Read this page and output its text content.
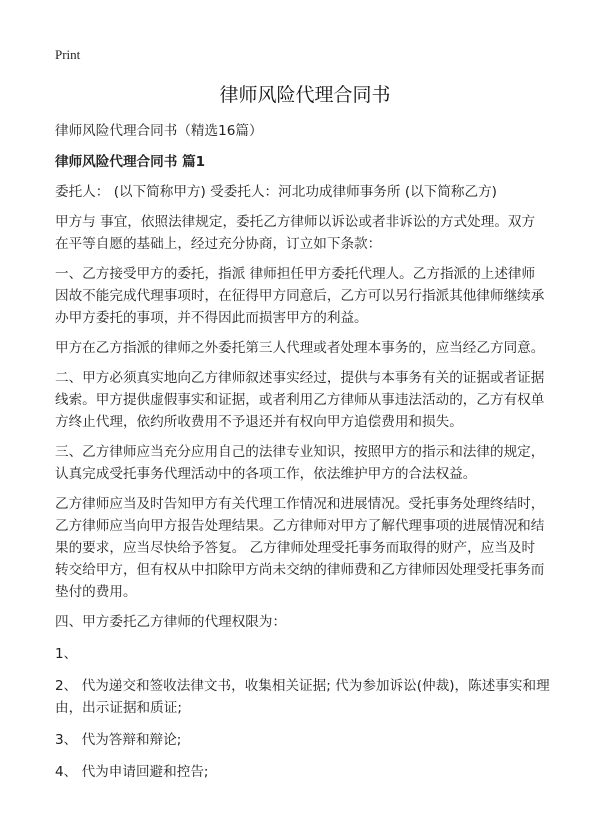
Print
律师风险代理合同书
律师风险代理合同书（精选16篇）
律师风险代理合同书 篇1
委托人： (以下简称甲方) 受委托人：河北功成律师事务所 (以下简称乙方)
甲方与 事宜，依照法律规定，委托乙方律师以诉讼或者非诉讼的方式处理。双方
在平等自愿的基础上，经过充分协商，订立如下条款：
一、乙方接受甲方的委托，指派 律师担任甲方委托代理人。乙方指派的上述律师
因故不能完成代理事项时，在征得甲方同意后，乙方可以另行指派其他律师继续承
办甲方委托的事项，并不得因此而损害甲方的利益。
甲方在乙方指派的律师之外委托第三人代理或者处理本事务的，应当经乙方同意。
二、甲方必须真实地向乙方律师叙述事实经过，提供与本事务有关的证据或者证据
线索。甲方提供虚假事实和证据，或者利用乙方律师从事违法活动的，乙方有权单
方终止代理，依约所收费用不予退还并有权向甲方追偿费用和损失。
三、乙方律师应当充分应用自己的法律专业知识，按照甲方的指示和法律的规定，
认真完成受托事务代理活动中的各项工作，依法维护甲方的合法权益。
乙方律师应当及时告知甲方有关代理工作情况和进展情况。受托事务处理终结时，
乙方律师应当向甲方报告处理结果。乙方律师对甲方了解代理事项的进展情况和结
果的要求，应当尽快给予答复。 乙方律师处理受托事务而取得的财产，应当及时
转交给甲方，但有权从中扣除甲方尚未交纳的律师费和乙方律师因处理受托事务而
垫付的费用。
四、甲方委托乙方律师的代理权限为：
1、
2、 代为递交和签收法律文书，收集相关证据; 代为参加诉讼(仲裁)，陈述事实和理
由，出示证据和质证;
3、 代为答辩和辩论;
4、 代为申请回避和控告;
